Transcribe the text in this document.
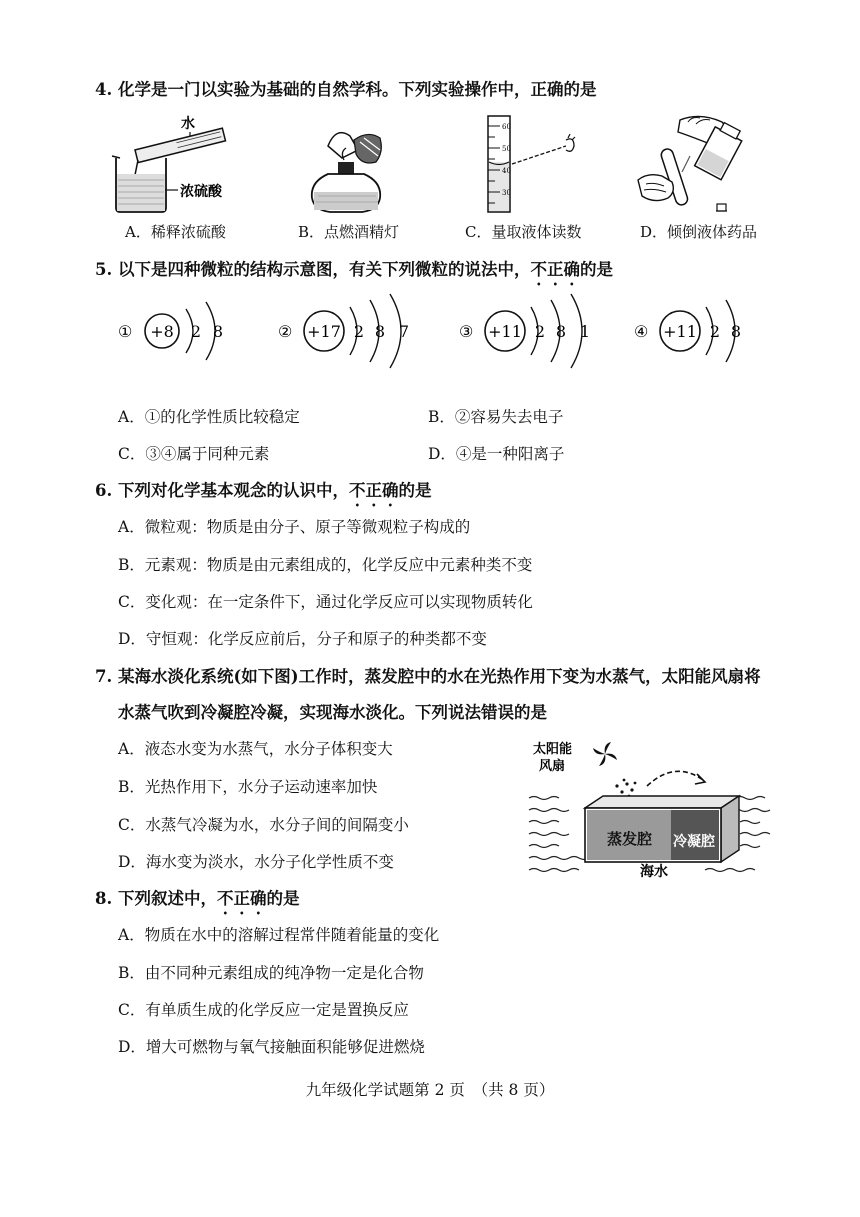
4. 化学是一门以实验为基础的自然学科。下列实验操作中，正确的是
水
浓硫酸
60
50
40
30
A．稀释浓硫酸	B．点燃酒精灯	C．量取液体读数	D．倾倒液体药品
5. 以下是四种微粒的结构示意图，有关下列微粒的说法中，不正确的是
① +8 2 8	② +17 2 8 7	③ +11 2 8 1	④ +11 2 8
A．①的化学性质比较稳定	B．②容易失去电子
C．③④属于同种元素	D．④是一种阳离子
6. 下列对化学基本观念的认识中，不正确的是
A．微粒观：物质是由分子、原子等微观粒子构成的
B．元素观：物质是由元素组成的，化学反应中元素种类不变
C．变化观：在一定条件下，通过化学反应可以实现物质转化
D．守恒观：化学反应前后，分子和原子的种类都不变
7. 某海水淡化系统(如下图)工作时，蒸发腔中的水在光热作用下变为水蒸气，太阳能风扇将
水蒸气吹到冷凝腔冷凝，实现海水淡化。下列说法错误的是
A．液态水变为水蒸气，水分子体积变大
B．光热作用下，水分子运动速率加快
C．水蒸气冷凝为水，水分子间的间隔变小
D．海水变为淡水，水分子化学性质不变
太阳能
风扇
蒸发腔 冷凝腔
海水
8. 下列叙述中，不正确的是
A．物质在水中的溶解过程常伴随着能量的变化
B．由不同种元素组成的纯净物一定是化合物
C．有单质生成的化学反应一定是置换反应
D．增大可燃物与氧气接触面积能够促进燃烧
九年级化学试题第 2 页　（共 8 页）
